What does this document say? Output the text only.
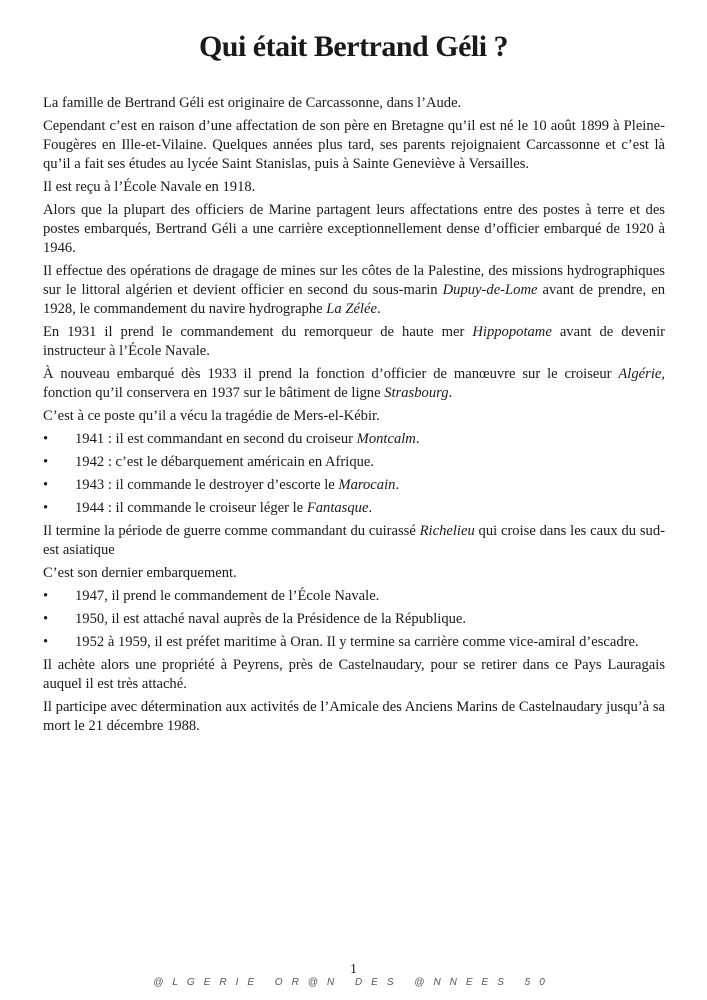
Qui était Bertrand Géli ?

La famille de Bertrand Géli est originaire de Carcassonne, dans l’Aude.

Cependant c’est en raison d’une affectation de son père en Bretagne qu’il est né le 10 août 1899 à Pleine-Fougères en Ille-et-Vilaine. Quelques années plus tard, ses parents rejoignaient Carcassonne et c’est là qu’il a fait ses études au lycée Saint Stanislas, puis à Sainte Geneviève à Versailles.

Il est reçu à l’École Navale en 1918.

Alors que la plupart des officiers de Marine partagent leurs affectations entre des postes à terre et des postes embarqués, Bertrand Géli a une carrière exceptionnellement dense d’officier embarqué de 1920 à 1946.

Il effectue des opérations de dragage de mines sur les côtes de la Palestine, des missions hydrographiques sur le littoral algérien et devient officier en second du sous-marin Dupuy-de-Lome avant de prendre, en 1928, le commandement du navire hydrographe La Zélée.

En 1931 il prend le commandement du remorqueur de haute mer Hippopotame avant de devenir instructeur à l’École Navale.

À nouveau embarqué dès 1933 il prend la fonction d’officier de manœuvre sur le croiseur Algérie, fonction qu’il conservera en 1937 sur le bâtiment de ligne Strasbourg.

C’est à ce poste qu’il a vécu la tragédie de Mers-el-Kébir.

•	1941 : il est commandant en second du croiseur Montcalm.
•	1942 : c’est le débarquement américain en Afrique.
•	1943 : il commande le destroyer d’escorte le Marocain.
•	1944 : il commande le croiseur léger le Fantasque.

Il termine la période de guerre comme commandant du cuirassé Richelieu qui croise dans les caux du sud-est asiatique

C’est son dernier embarquement.

•	1947, il prend le commandement de l’École Navale.
•	1950, il est attaché naval auprès de la Présidence de la République.
• 1952 à 1959, il est préfet maritime à Oran. Il y termine sa carrière comme vice-amiral d’escadre.

Il achète alors une propriété à Peyrens, près de Castelnaudary, pour se retirer dans ce Pays Lauragais auquel il est très attaché.

Il participe avec détermination aux activités de l’Amicale des Anciens Marins de Castelnaudary jusqu’à sa mort le 21 décembre 1988.

1
@LGERIE OR@N DES @NNEES 50
